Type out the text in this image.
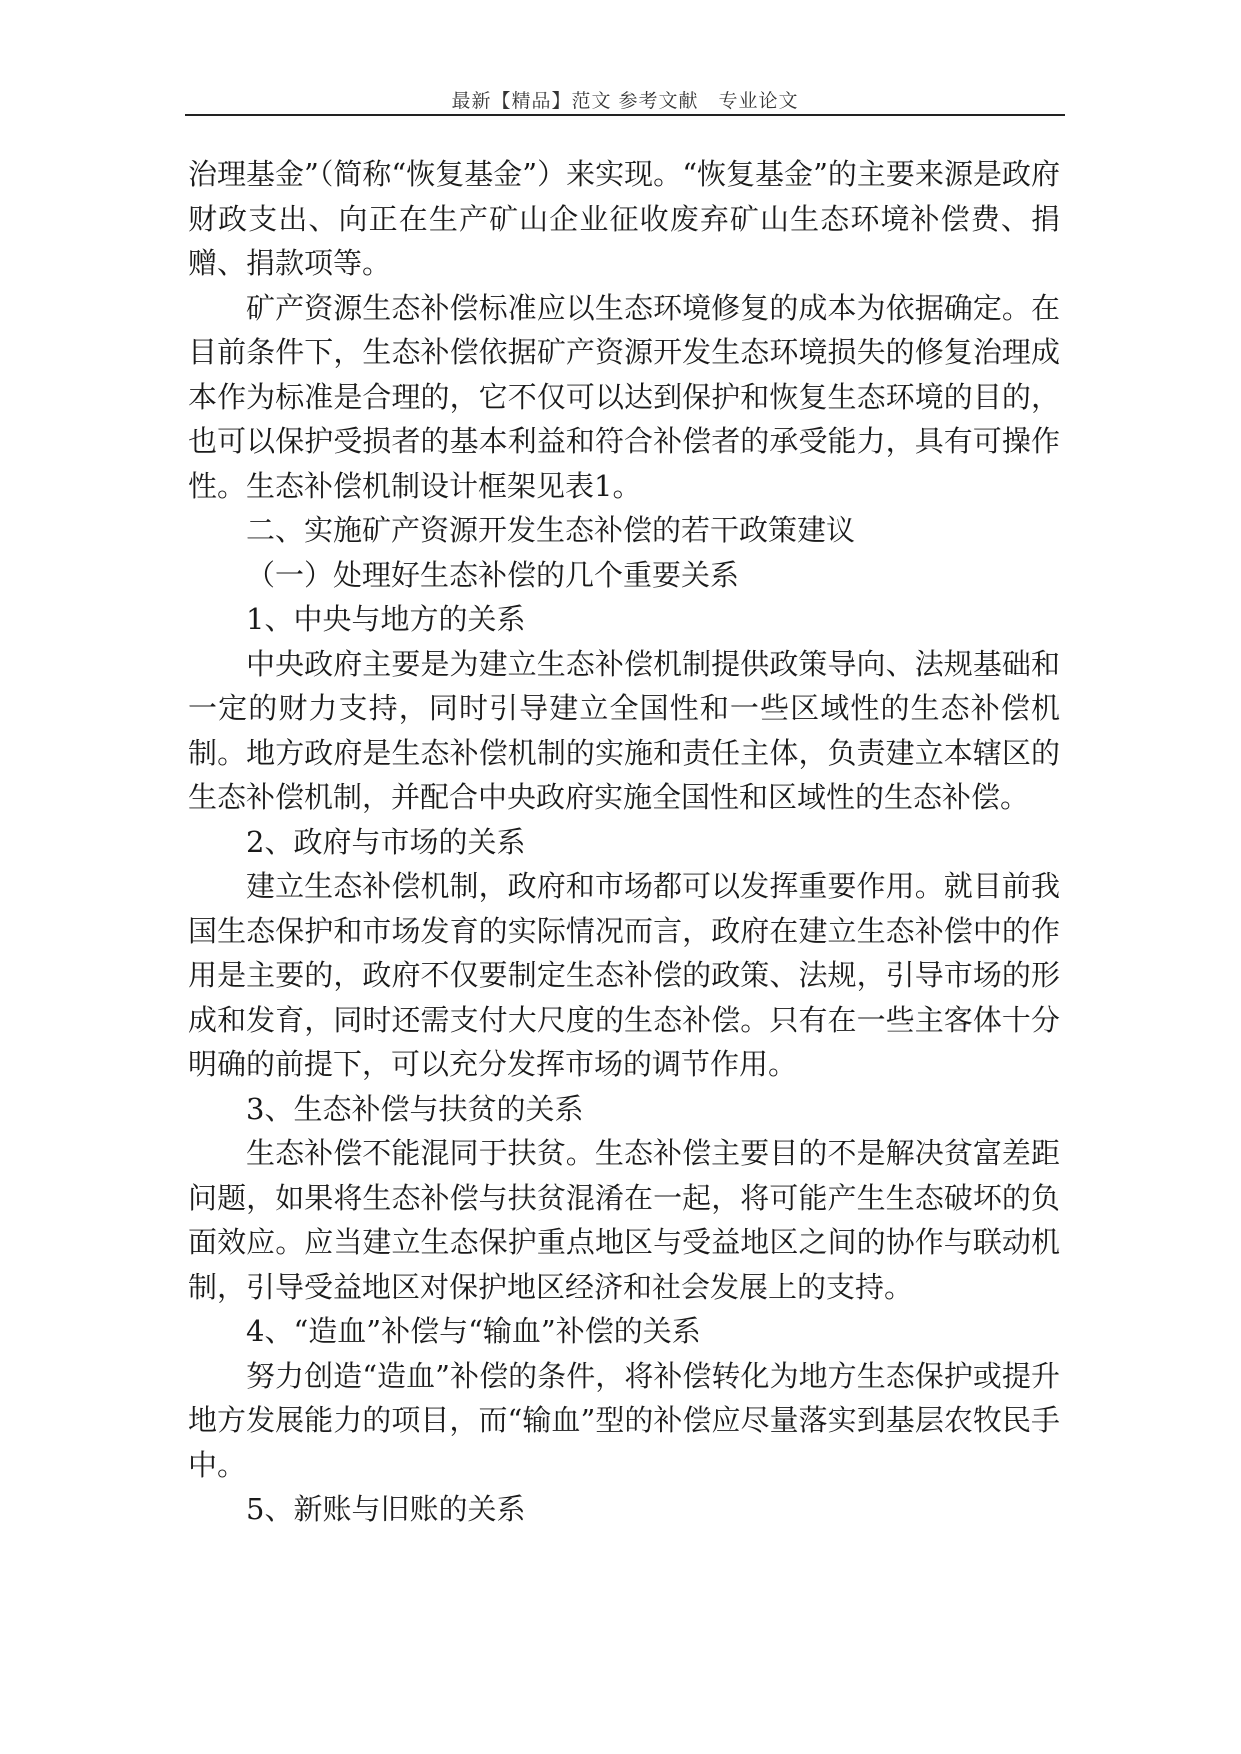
最新【精品】范文 参考文献　专业论文

治理基金”（简称“恢复基金”）来实现。“恢复基金”的主要来源是政府财政支出、向正在生产矿山企业征收废弃矿山生态环境补偿费、捐赠、捐款项等。

矿产资源生态补偿标准应以生态环境修复的成本为依据确定。在目前条件下，生态补偿依据矿产资源开发生态环境损失的修复治理成本作为标准是合理的，它不仅可以达到保护和恢复生态环境的目的，也可以保护受损者的基本利益和符合补偿者的承受能力，具有可操作性。生态补偿机制设计框架见表1。

二、实施矿产资源开发生态补偿的若干政策建议

（一）处理好生态补偿的几个重要关系

1、中央与地方的关系

中央政府主要是为建立生态补偿机制提供政策导向、法规基础和一定的财力支持，同时引导建立全国性和一些区域性的生态补偿机制。地方政府是生态补偿机制的实施和责任主体，负责建立本辖区的生态补偿机制，并配合中央政府实施全国性和区域性的生态补偿。

2、政府与市场的关系

建立生态补偿机制，政府和市场都可以发挥重要作用。就目前我国生态保护和市场发育的实际情况而言，政府在建立生态补偿中的作用是主要的，政府不仅要制定生态补偿的政策、法规，引导市场的形成和发育，同时还需支付大尺度的生态补偿。只有在一些主客体十分明确的前提下，可以充分发挥市场的调节作用。

3、生态补偿与扶贫的关系

生态补偿不能混同于扶贫。生态补偿主要目的不是解决贫富差距问题，如果将生态补偿与扶贫混淆在一起，将可能产生生态破坏的负面效应。应当建立生态保护重点地区与受益地区之间的协作与联动机制，引导受益地区对保护地区经济和社会发展上的支持。

4、“造血”补偿与“输血”补偿的关系

努力创造“造血”补偿的条件，将补偿转化为地方生态保护或提升地方发展能力的项目，而“输血”型的补偿应尽量落实到基层农牧民手中。

5、新账与旧账的关系
